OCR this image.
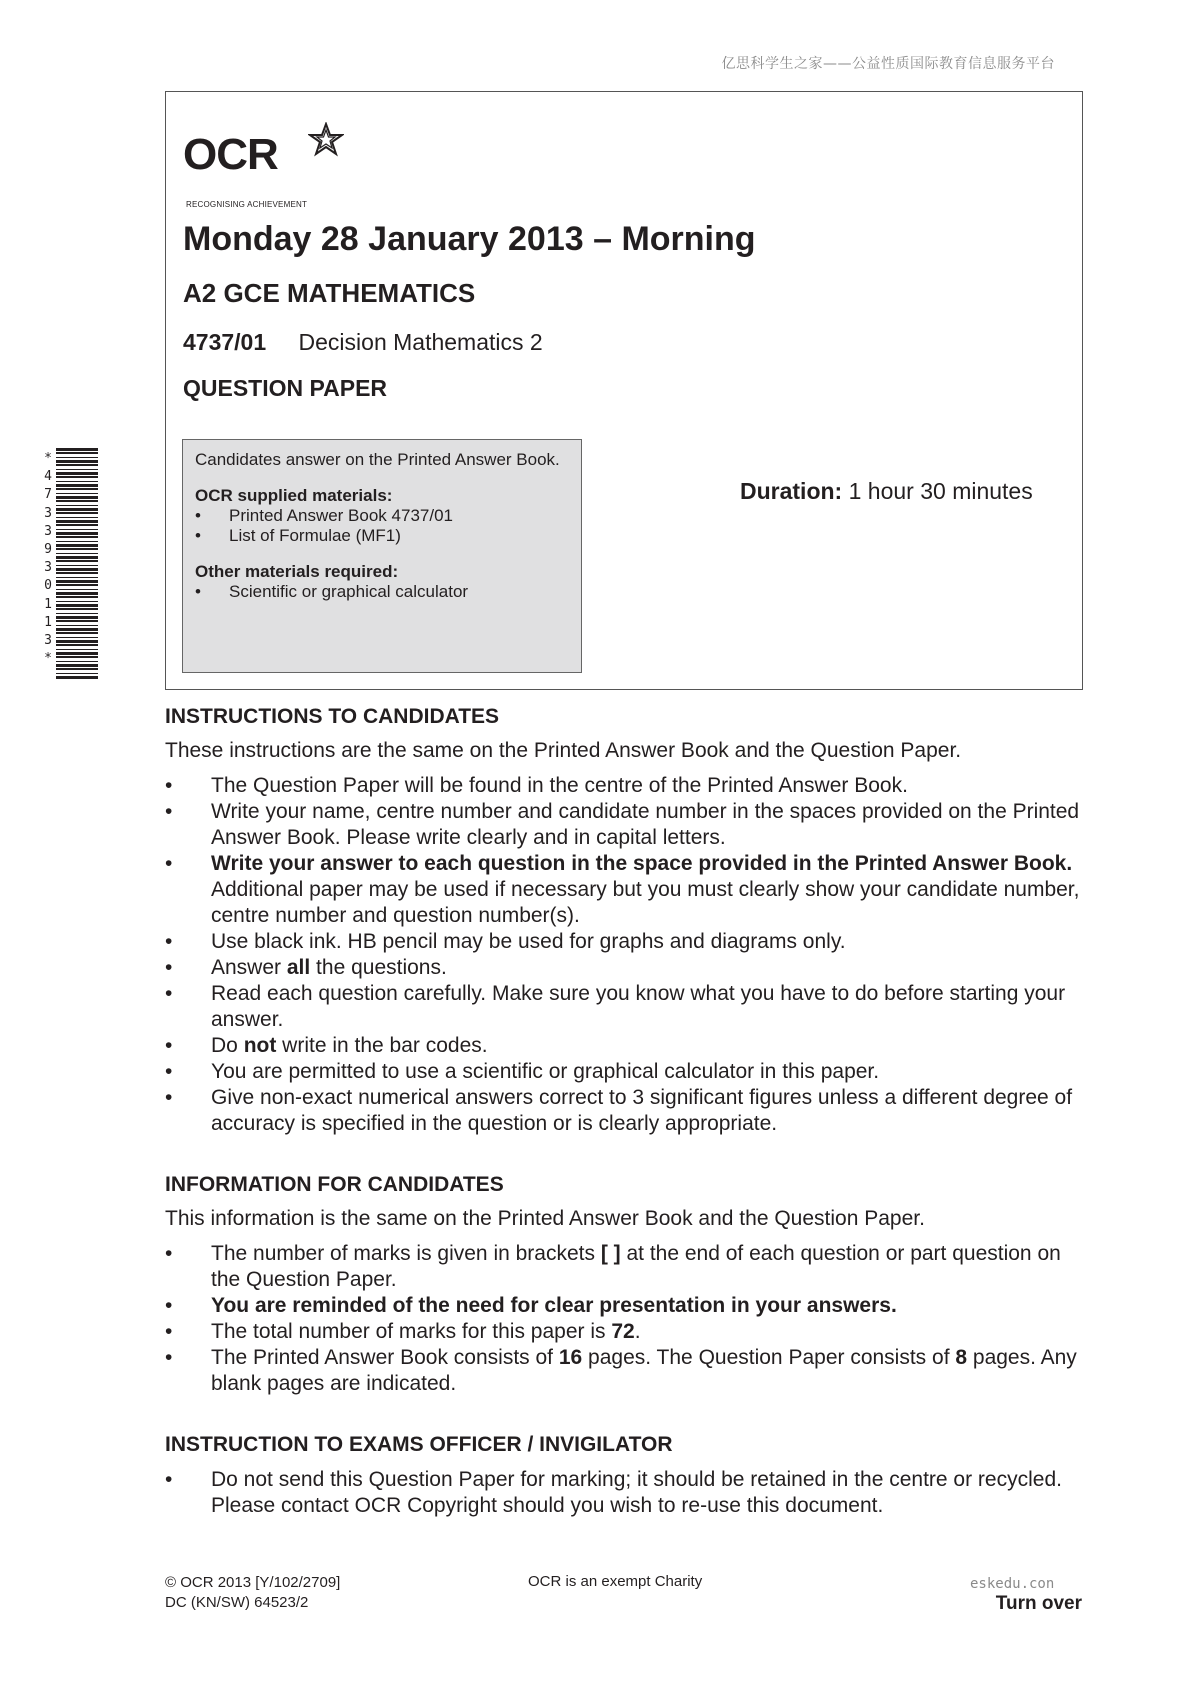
亿思科学生之家——公益性质国际教育信息服务平台
*
4
7
3
3
9
3
0
1
1
3
*
OCR
RECOGNISING ACHIEVEMENT
Monday 28 January 2013 – Morning
A2 GCE MATHEMATICS
4737/01 Decision Mathematics 2
QUESTION PAPER

Candidates answer on the Printed Answer Book.

OCR supplied materials:

• Printed Answer Book 4737/01
• List of Formulae (MF1)

Other materials required:

• Scientific or graphical calculator
Duration: 1 hour 30 minutes
INSTRUCTIONS TO CANDIDATES

These instructions are the same on the Printed Answer Book and the Question Paper.

• The Question Paper will be found in the centre of the Printed Answer Book.
• Write your name, centre number and candidate number in the spaces provided on the Printed Answer Book. Please write clearly and in capital letters.
• Write your answer to each question in the space provided in the Printed Answer Book. Additional paper may be used if necessary but you must clearly show your candidate number, centre number and question number(s).
• Use black ink. HB pencil may be used for graphs and diagrams only.
• Answer all the questions.
• Read each question carefully. Make sure you know what you have to do before starting your answer.
• Do not write in the bar codes.
• You are permitted to use a scientific or graphical calculator in this paper.
• Give non-exact numerical answers correct to 3 significant figures unless a different degree of accuracy is specified in the question or is clearly appropriate.
INFORMATION FOR CANDIDATES

This information is the same on the Printed Answer Book and the Question Paper.

• The number of marks is given in brackets [ ] at the end of each question or part question on the Question Paper.
• You are reminded of the need for clear presentation in your answers.
• The total number of marks for this paper is 72.
• The Printed Answer Book consists of 16 pages. The Question Paper consists of 8 pages. Any blank pages are indicated.
INSTRUCTION TO EXAMS OFFICER / INVIGILATOR
• Do not send this Question Paper for marking; it should be retained in the centre or recycled. Please contact OCR Copyright should you wish to re-use this document.
© OCR 2013 [Y/102/2709]
DC (KN/SW) 64523/2
OCR is an exempt Charity	eskedu.con
Turn over
